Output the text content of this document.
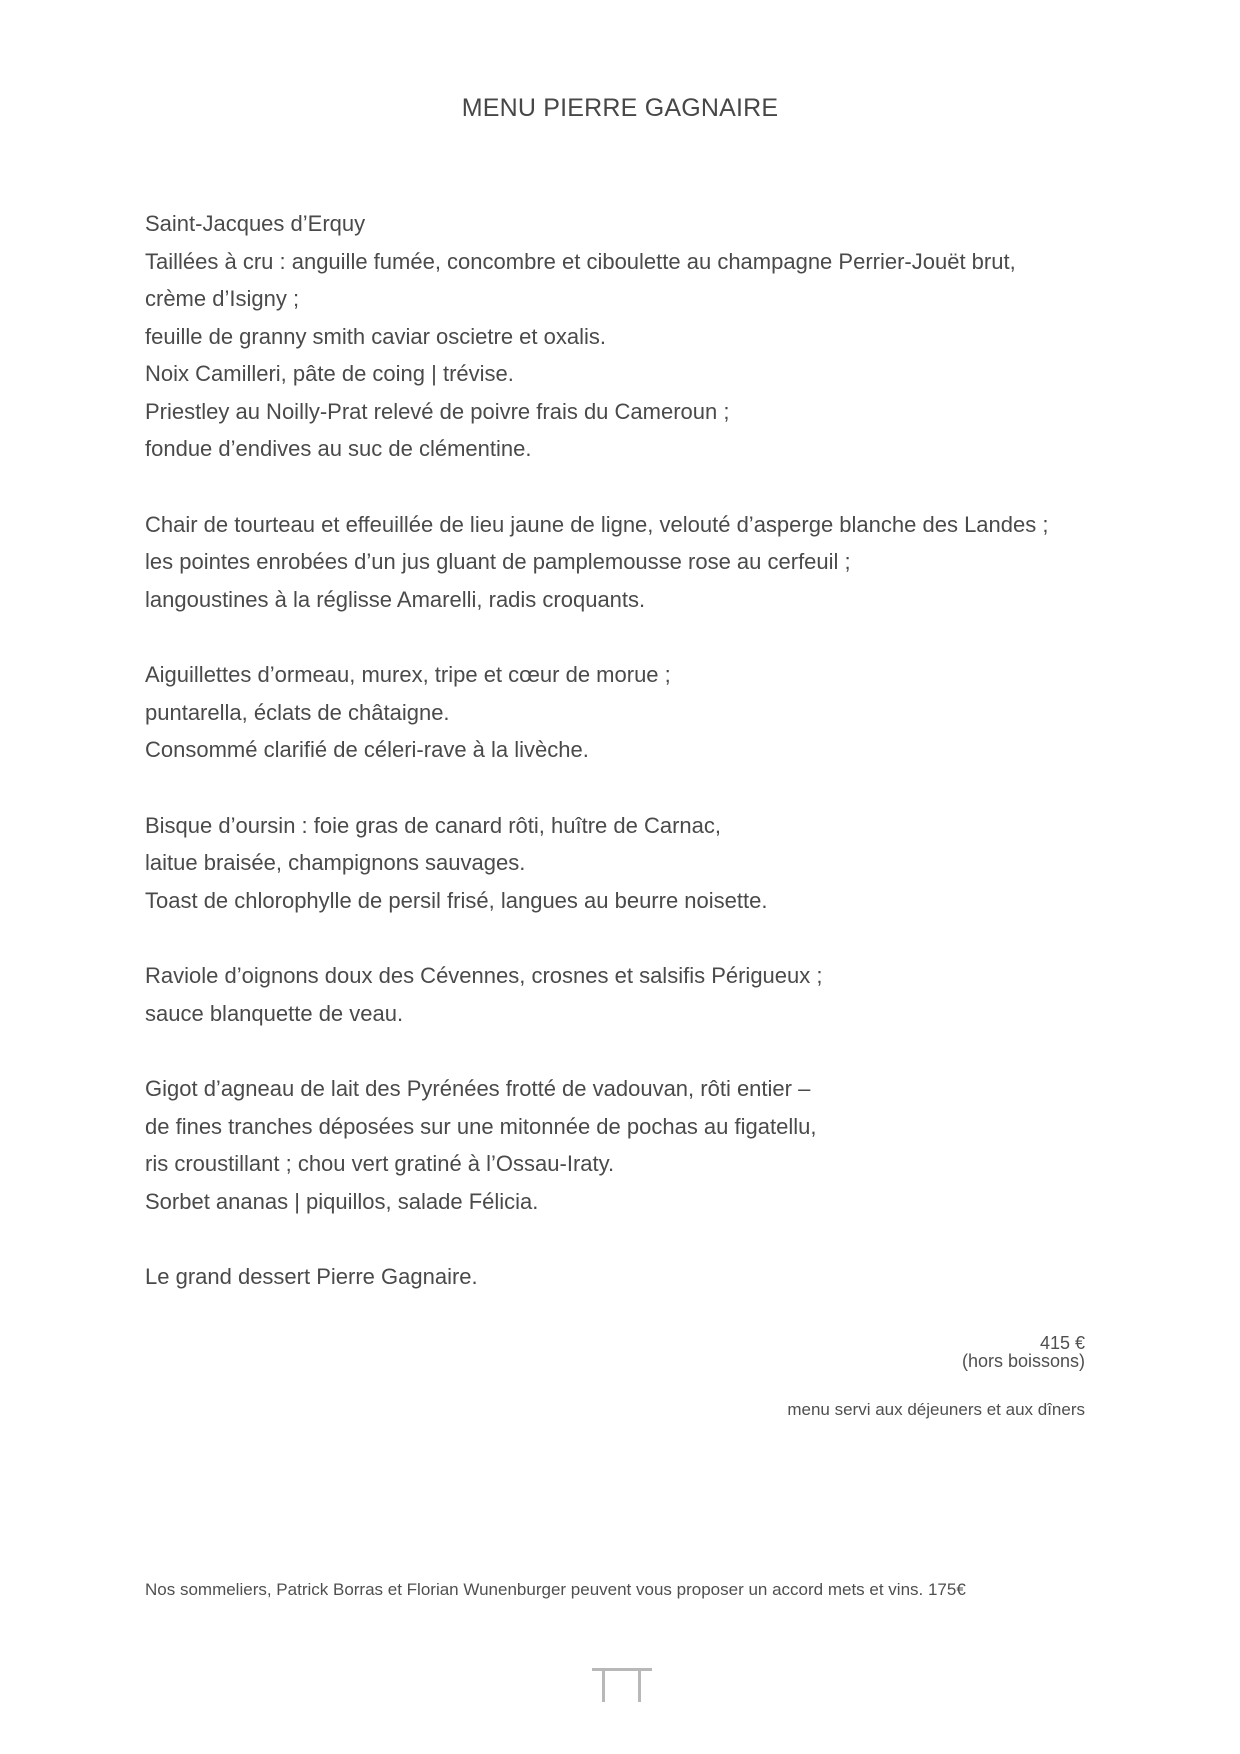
MENU PIERRE GAGNAIRE
Saint-Jacques d’Erquy
Taillées à cru : anguille fumée, concombre et ciboulette au champagne Perrier-Jouët brut,
crème d’Isigny ;
feuille de granny smith caviar oscietre et oxalis.
Noix Camilleri, pâte de coing | trévise.
Priestley au Noilly-Prat relevé de poivre frais du Cameroun ;
fondue d’endives au suc de clémentine.
Chair de tourteau et effeuillée de lieu jaune de ligne, velouté d’asperge blanche des Landes ;
les pointes enrobées d’un jus gluant de pamplemousse rose au cerfeuil ;
langoustines à la réglisse Amarelli, radis croquants.
Aiguillettes d’ormeau, murex, tripe et cœur de morue ;
puntarella, éclats de châtaigne.
Consommé clarifié de céleri-rave à la livèche.
Bisque d’oursin : foie gras de canard rôti, huître de Carnac,
laitue braisée, champignons sauvages.
Toast de chlorophylle de persil frisé, langues au beurre noisette.
Raviole d’oignons doux des Cévennes, crosnes et salsifis Périgueux ;
sauce blanquette de veau.
Gigot d’agneau de lait des Pyrénées frotté de vadouvan, rôti entier –
de fines tranches déposées sur une mitonnée de pochas au figatellu,
ris croustillant ; chou vert gratiné à l’Ossau-Iraty.
Sorbet ananas | piquillos, salade Félicia.
Le grand dessert Pierre Gagnaire.
415 €
(hors boissons)
menu servi aux déjeuners et aux dîners
Nos sommeliers, Patrick Borras et Florian Wunenburger peuvent vous proposer un accord mets et vins. 175€
